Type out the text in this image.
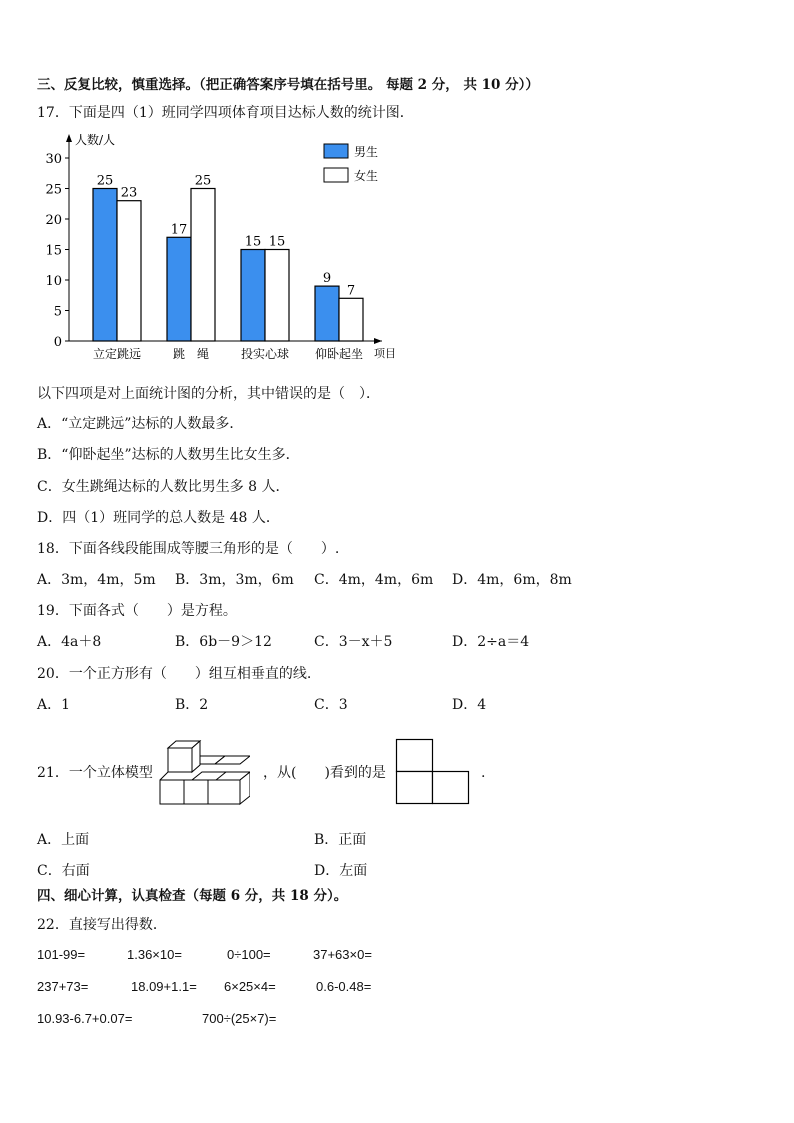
三、反复比较，慎重选择。（把正确答案序号填在括号里。 每题 2 分， 共 10 分））
17．下面是四（1）班同学四项体育项目达标人数的统计图．
0
5
10
15
20
25
30
人数/人
项目
25
23
立定跳远
17
25
跳　绳
15 15
投实心球
9
7
仰卧起坐
男生
女生
以下四项是对上面统计图的分析，其中错误的是（　）．
A．“立定跳远”达标的人数最多．
B．“仰卧起坐”达标的人数男生比女生多．
C．女生跳绳达标的人数比男生多 8 人．
D．四（1）班同学的总人数是 48 人．
18．下面各线段能围成等腰三角形的是（　　）.
A．3m，4m，5m B．3m，3m，6m C．4m，4m，6m D．4m，6m，8m
19．下面各式（　　）是方程。
A．4a＋8	B．6b－9＞12	C．3－x＋5	D．2÷a＝4
20．一个正方形有（　　）组互相垂直的线.
A．1	B．2	C．3	D．4
21．一个立体模型	，从(　　)看到的是	.
A．上面	B．正面
C．右面	D．左面
四、细心计算，认真检查（每题 6 分，共 18 分）。
22．直接写出得数．
101-99=	1.36×10=	0÷100=	37+63×0=
237+73=	18.09+1.1= 6×25×4=	0.6-0.48=
10.93-6.7+0.07=	700÷(25×7)=
